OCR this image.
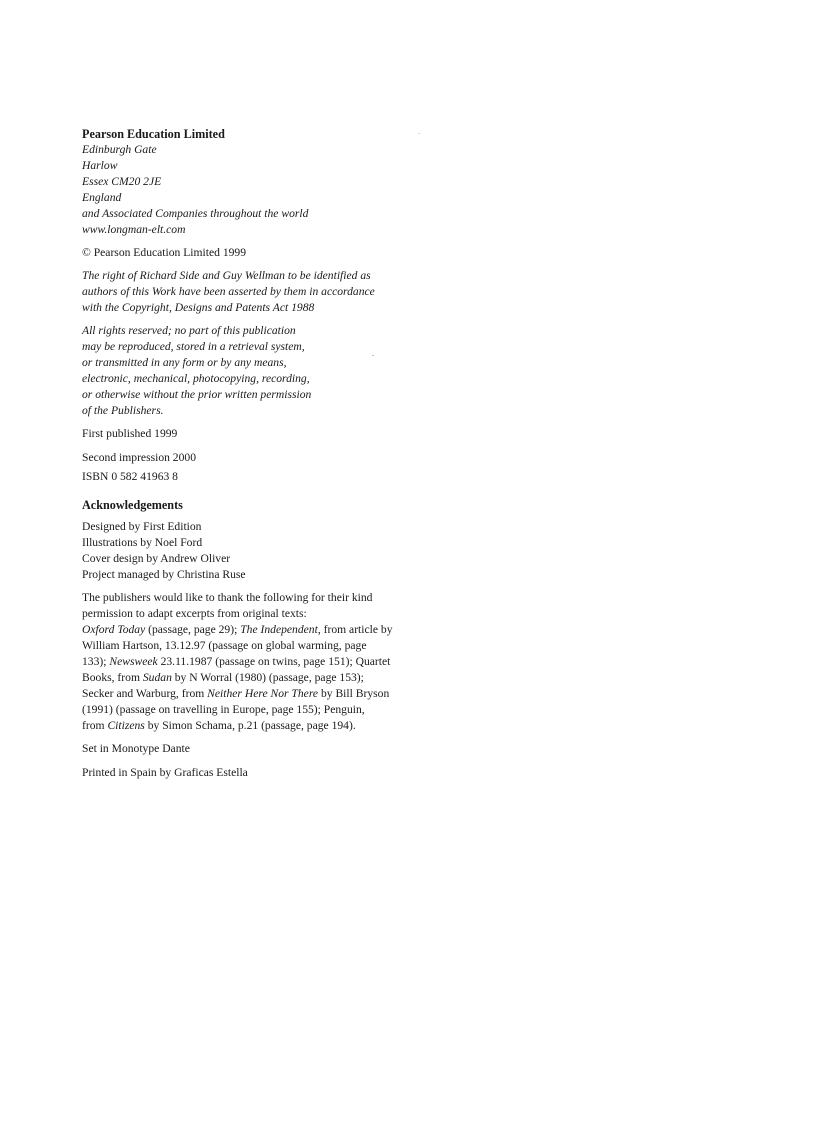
Pearson Education Limited
Edinburgh Gate
Harlow
Essex CM20 2JE
England
and Associated Companies throughout the world
www.longman-elt.com
© Pearson Education Limited 1999
The right of Richard Side and Guy Wellman to be identified as
authors of this Work have been asserted by them in accordance
with the Copyright, Designs and Patents Act 1988
All rights reserved; no part of this publication
may be reproduced, stored in a retrieval system,
or transmitted in any form or by any means,
electronic, mechanical, photocopying, recording,
or otherwise without the prior written permission
of the Publishers.
First published 1999
Second impression 2000
ISBN 0 582 41963 8
Acknowledgements
Designed by First Edition
Illustrations by Noel Ford
Cover design by Andrew Oliver
Project managed by Christina Ruse
The publishers would like to thank the following for their kind
permission to adapt excerpts from original texts:
Oxford Today (passage, page 29); The Independent, from article by
William Hartson, 13.12.97 (passage on global warming, page
133); Newsweek 23.11.1987 (passage on twins, page 151); Quartet
Books, from Sudan by N Worral (1980) (passage, page 153);
Secker and Warburg, from Neither Here Nor There by Bill Bryson
(1991) (passage on travelling in Europe, page 155); Penguin,
from Citizens by Simon Schama, p.21 (passage, page 194).
Set in Monotype Dante
Printed in Spain by Graficas Estella
